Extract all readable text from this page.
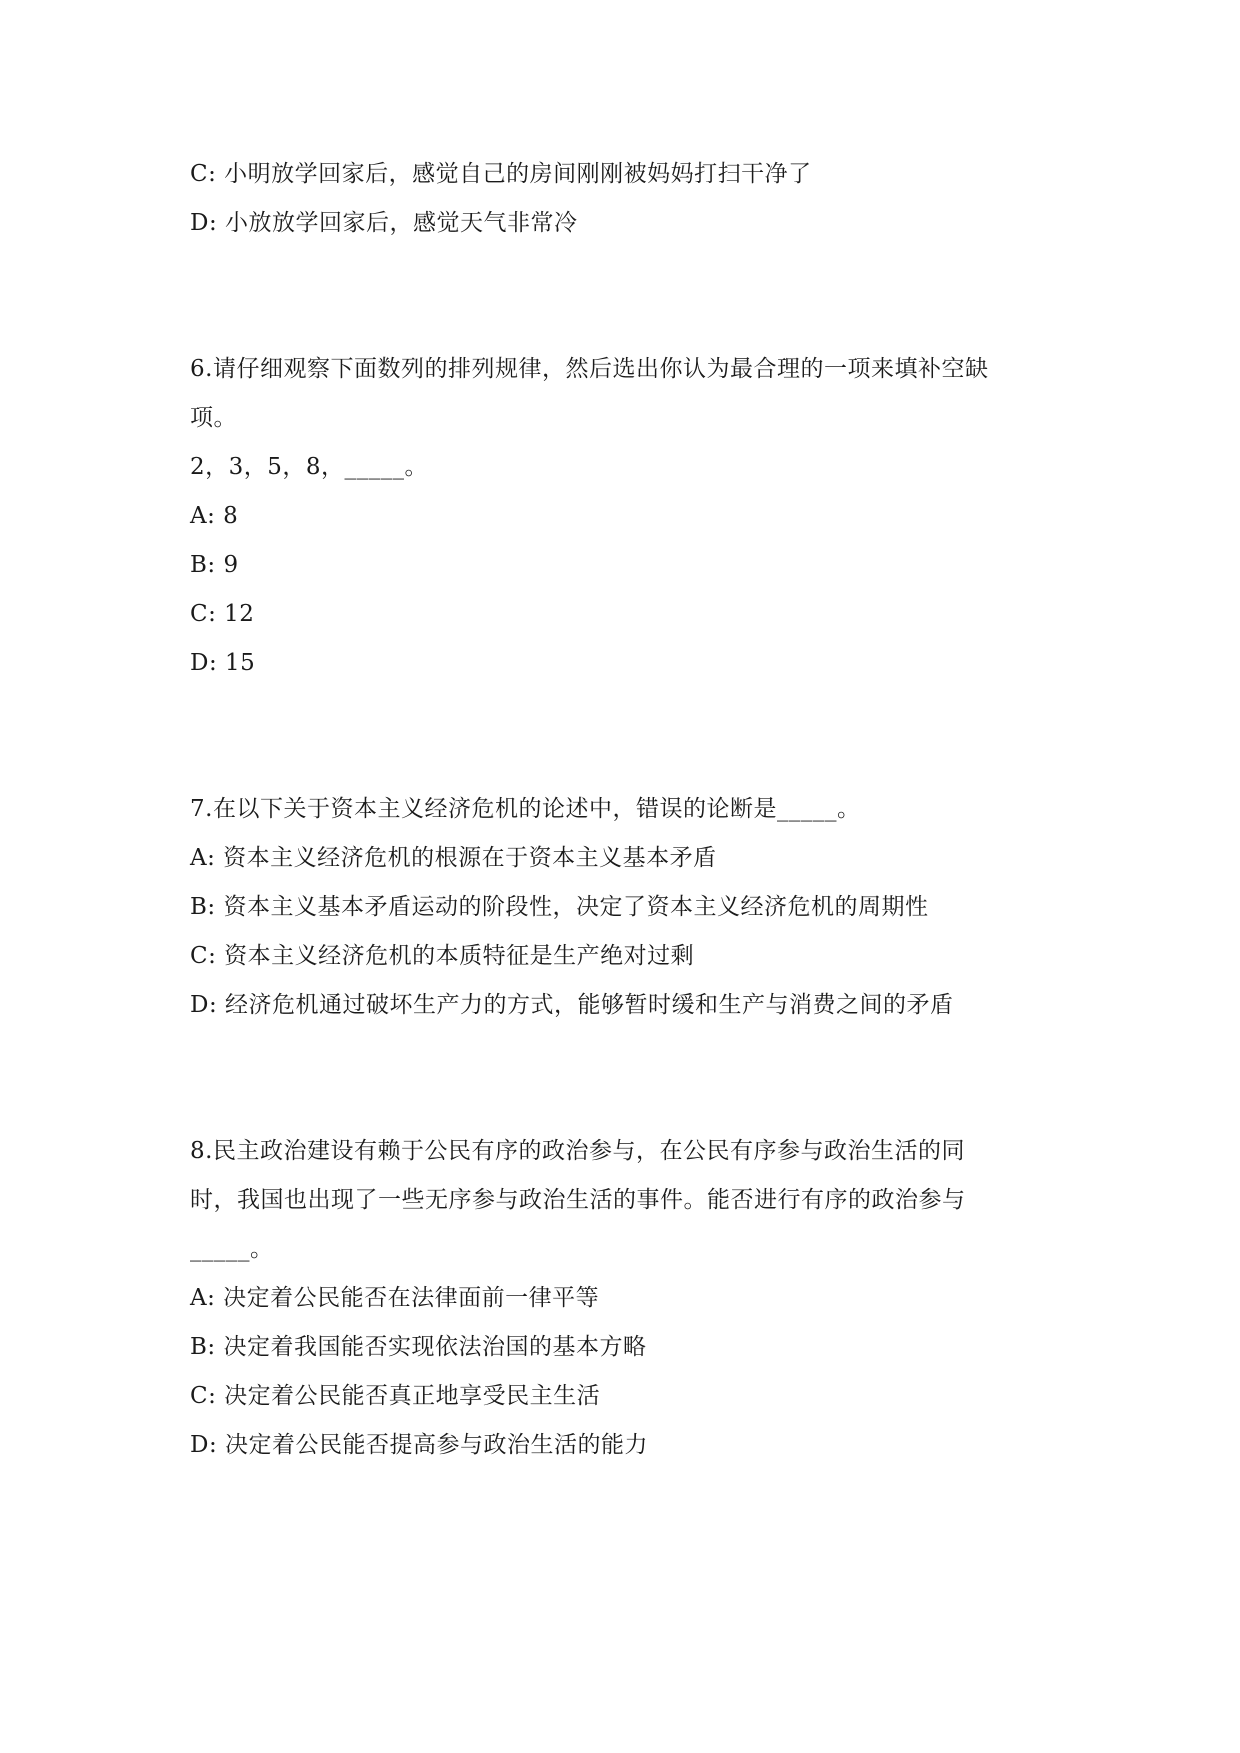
C: 小明放学回家后，感觉自己的房间刚刚被妈妈打扫干净了
D: 小放放学回家后，感觉天气非常冷
6.请仔细观察下面数列的排列规律，然后选出你认为最合理的一项来填补空缺
项。
2，3，5，8，_____。
A: 8
B: 9
C: 12
D: 15
7.在以下关于资本主义经济危机的论述中，错误的论断是_____。
A: 资本主义经济危机的根源在于资本主义基本矛盾
B: 资本主义基本矛盾运动的阶段性，决定了资本主义经济危机的周期性
C: 资本主义经济危机的本质特征是生产绝对过剩
D: 经济危机通过破坏生产力的方式，能够暂时缓和生产与消费之间的矛盾
8.民主政治建设有赖于公民有序的政治参与，在公民有序参与政治生活的同
时，我国也出现了一些无序参与政治生活的事件。能否进行有序的政治参与
_____。
A: 决定着公民能否在法律面前一律平等
B: 决定着我国能否实现依法治国的基本方略
C: 决定着公民能否真正地享受民主生活
D: 决定着公民能否提高参与政治生活的能力
